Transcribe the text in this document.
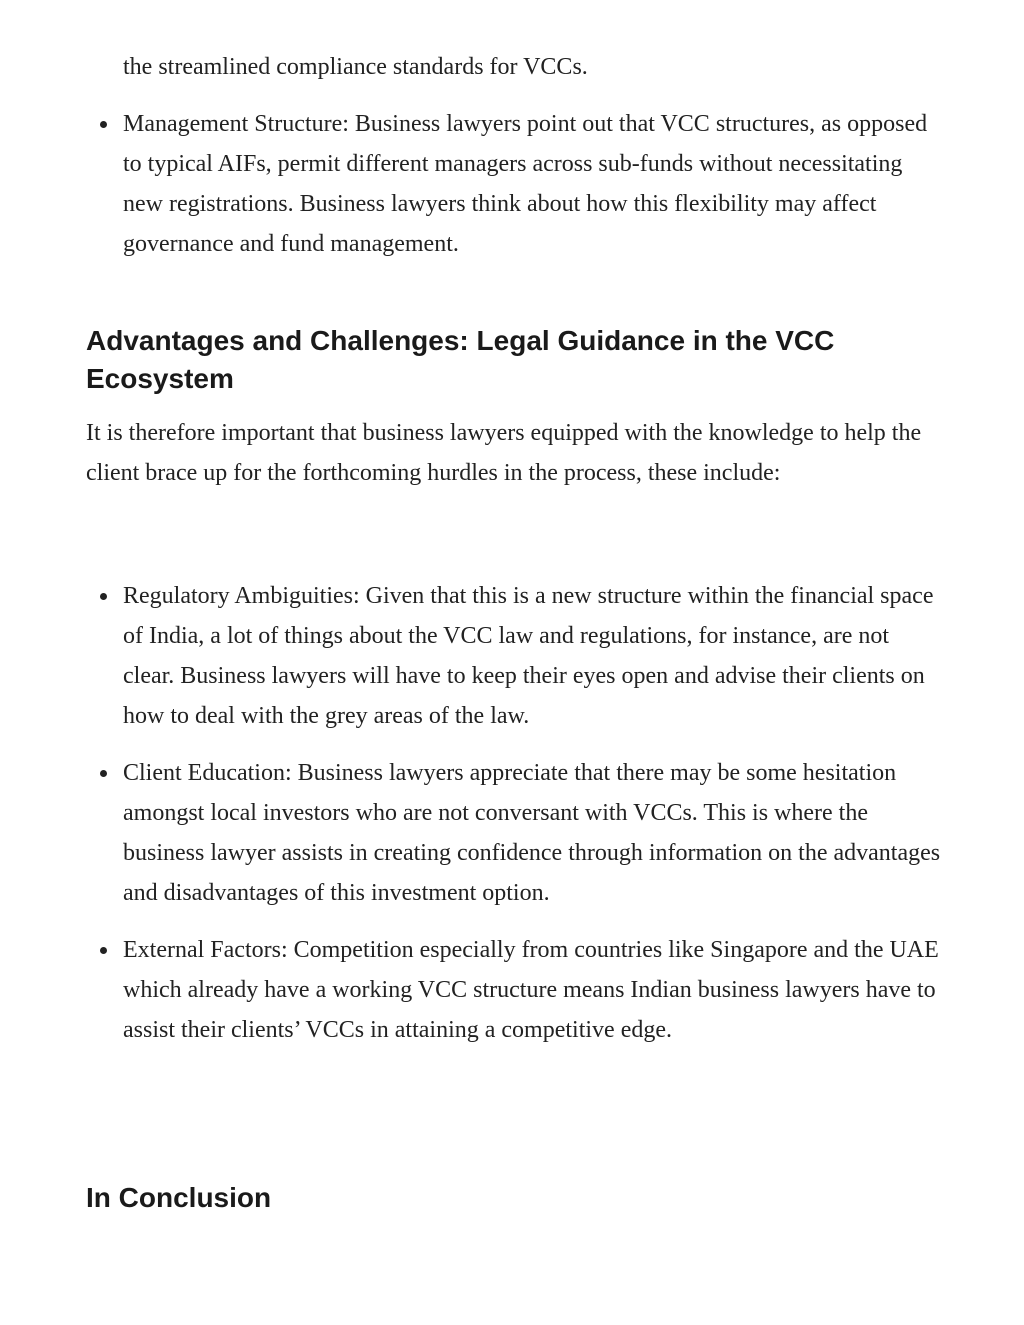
the streamlined compliance standards for VCCs.

Management Structure: Business lawyers point out that VCC structures, as opposed to typical AIFs, permit different managers across sub-funds without necessitating new registrations. Business lawyers think about how this flexibility may affect governance and fund management.
Advantages and Challenges: Legal Guidance in the VCC Ecosystem

It is therefore important that business lawyers equipped with the knowledge to help the client brace up for the forthcoming hurdles in the process, these include:

Regulatory Ambiguities: Given that this is a new structure within the financial space of India, a lot of things about the VCC law and regulations, for instance, are not clear. Business lawyers will have to keep their eyes open and advise their clients on how to deal with the grey areas of the law.
Client Education: Business lawyers appreciate that there may be some hesitation amongst local investors who are not conversant with VCCs. This is where the business lawyer assists in creating confidence through information on the advantages and disadvantages of this investment option.
External Factors: Competition especially from countries like Singapore and the UAE which already have a working VCC structure means Indian business lawyers have to assist their clients’ VCCs in attaining a competitive edge.
In Conclusion
